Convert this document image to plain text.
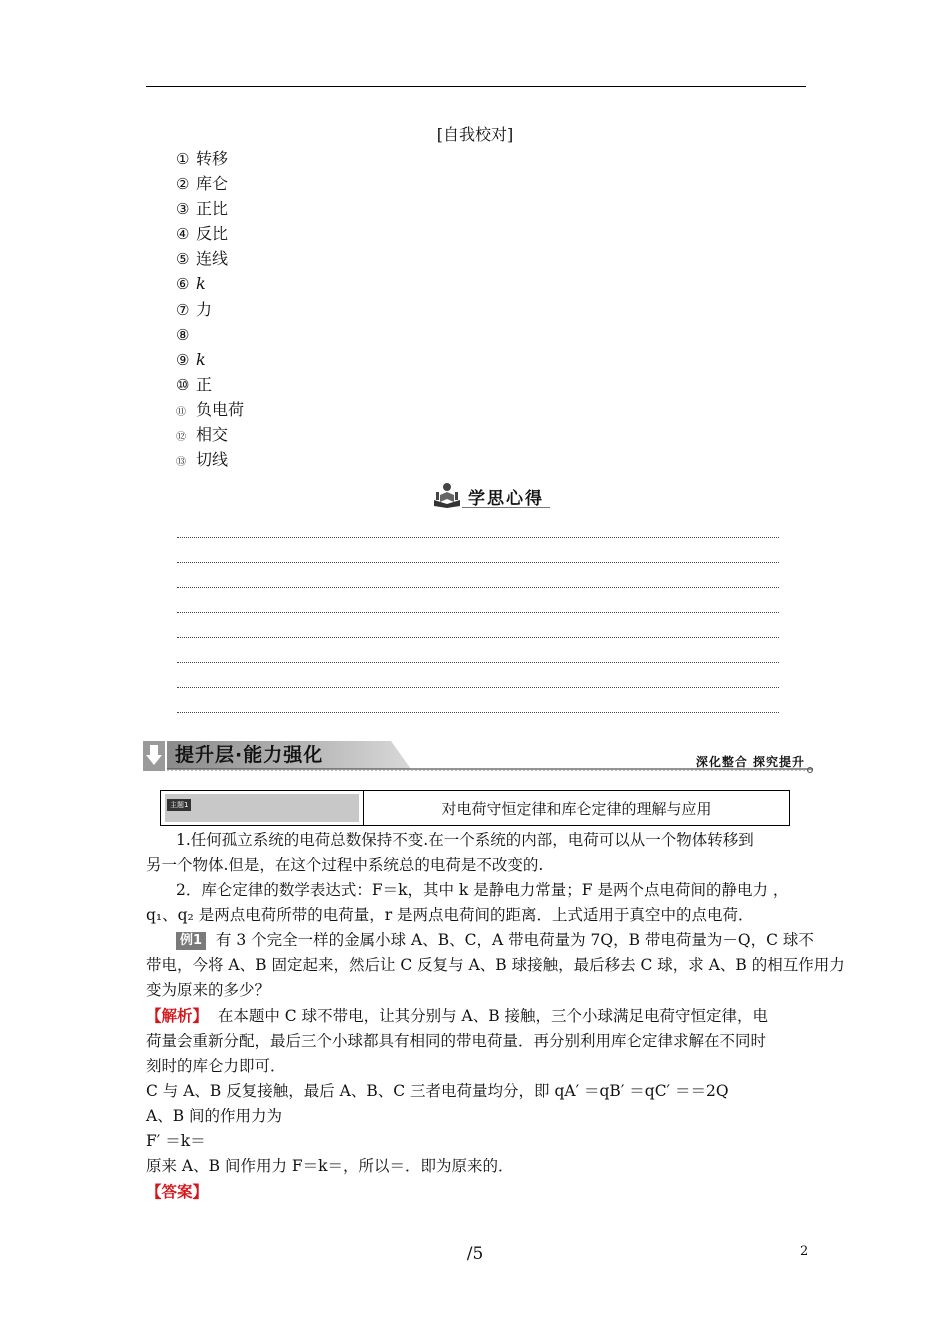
[自我校对]
① 转移
② 库仑
③ 正比
④ 反比
⑤ 连线
⑥ k
⑦ 力
⑧
⑨ k
⑩ 正
⑪ 负电荷
⑫ 相交
⑬ 切线
学思心得
提升层·能力强化	深化整合 探究提升
主题1	对电荷守恒定律和库仑定律的理解与应用
1.任何孤立系统的电荷总数保持不变.在一个系统的内部，电荷可以从一个物体转移到
另一个物体.但是，在这个过程中系统总的电荷是不改变的.
2．库仑定律的数学表达式：F＝k，其中 k 是静电力常量；F 是两个点电荷间的静电力 ，
q₁、q₂ 是两点电荷所带的电荷量，r 是两点电荷间的距离．上式适用于真空中的点电荷．
例1 有 3 个完全一样的金属小球 A、B、C，A 带电荷量为 7Q，B 带电荷量为－Q，C 球不
带电，今将 A、B 固定起来，然后让 C 反复与 A、B 球接触，最后移去 C 球，求 A、B 的相互作用力
变为原来的多少？
【解析】 在本题中 C 球不带电，让其分别与 A、B 接触，三个小球满足电荷守恒定律，电
荷量会重新分配，最后三个小球都具有相同的带电荷量．再分别利用库仑定律求解在不同时
刻时的库仑力即可．
C 与 A、B 反复接触，最后 A、B、C 三者电荷量均分，即 qA′ ＝qB′ ＝qC′ ＝＝2Q
A、B 间的作用力为
F′ ＝k＝
原来 A、B 间作用力 F＝k＝，所以＝．即为原来的．
【答案】
/5	2
